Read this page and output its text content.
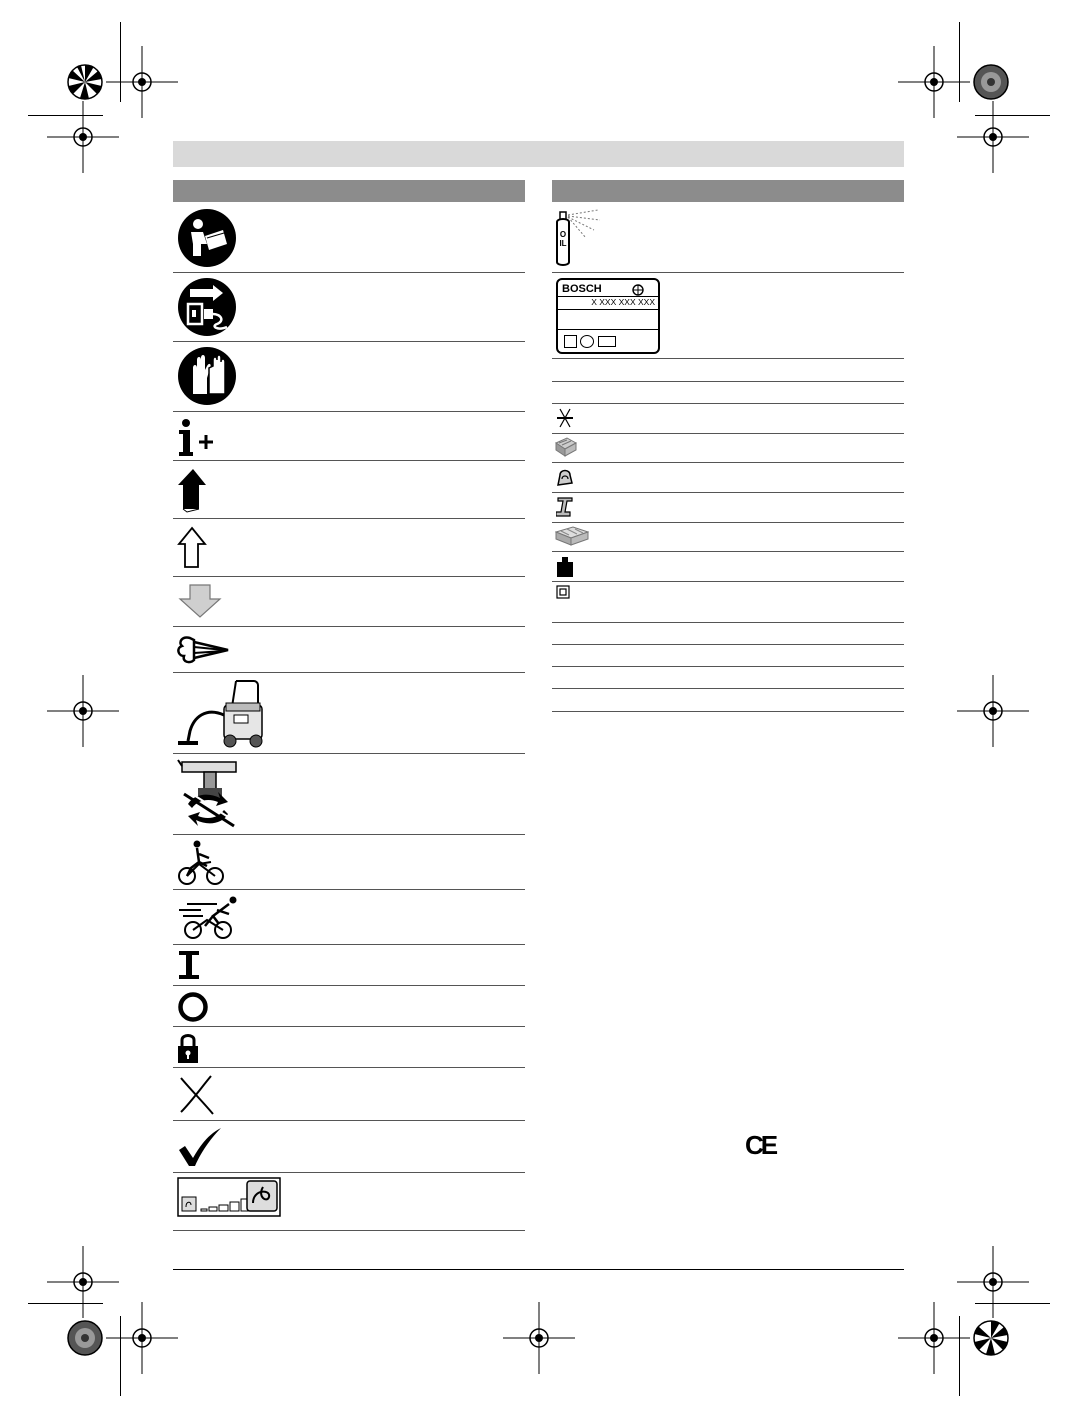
OIL
BOSCH
X XXX XXX XXX
CE
